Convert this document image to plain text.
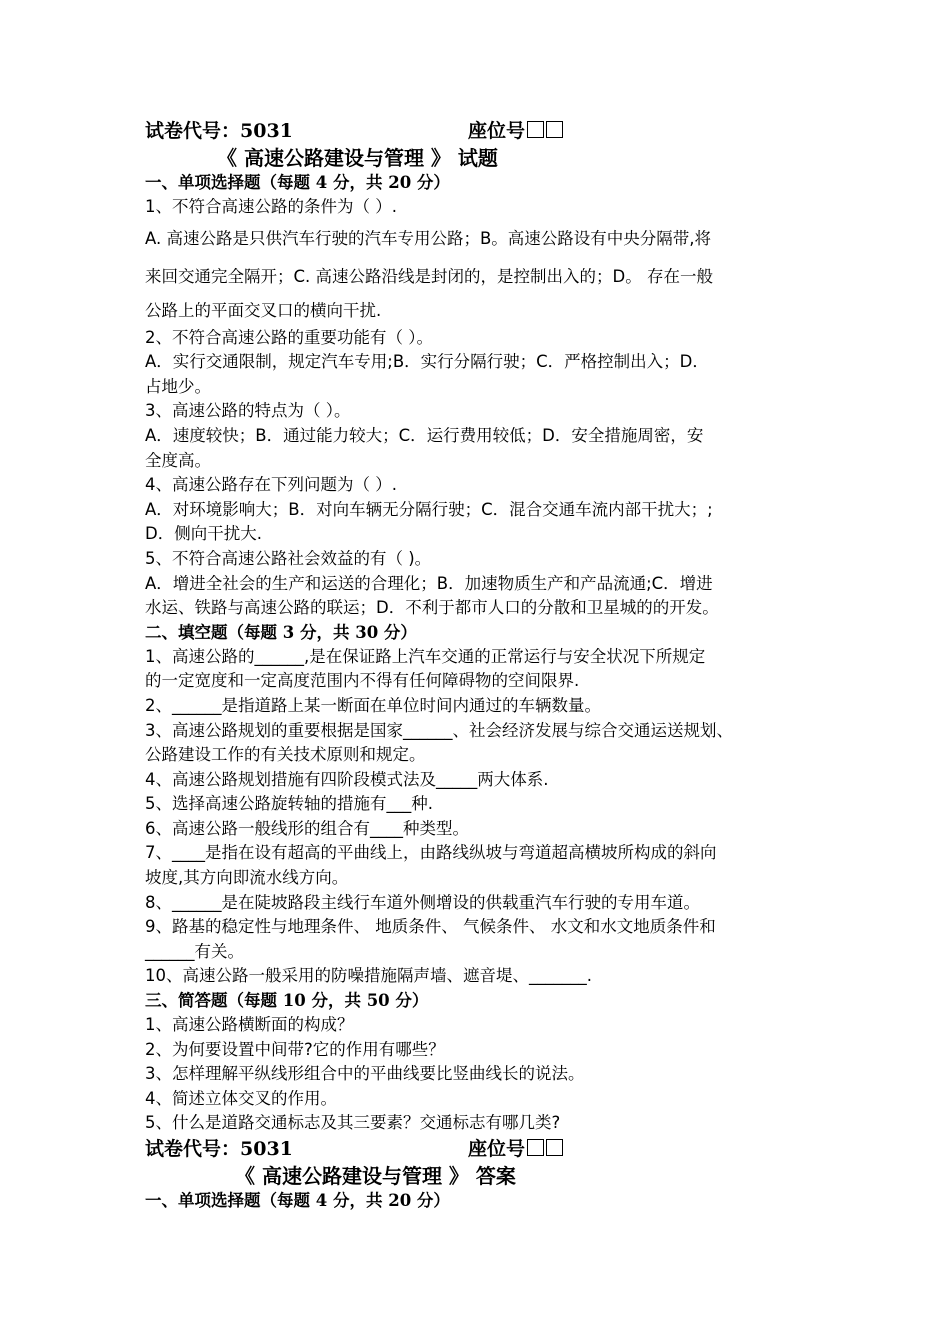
试卷代号：5031	座位号
《 高速公路建设与管理 》 试题
一、单项选择题（每题 4 分，共 20 分）
1、不符合高速公路的条件为（ ）.
A. 高速公路是只供汽车行驶的汽车专用公路；B。高速公路设有中央分隔带,将
来回交通完全隔开；C. 高速公路沿线是封闭的，是控制出入的；D。 存在一般
公路上的平面交叉口的横向干扰.
2、不符合高速公路的重要功能有（ ）。
A．实行交通限制，规定汽车专用;B．实行分隔行驶；C．严格控制出入；D．
占地少。
3、高速公路的特点为（ ）。
A．速度较快；B．通过能力较大；C．运行费用较低；D．安全措施周密，安
全度高。
4、高速公路存在下列问题为（ ）.
A．对环境影响大；B．对向车辆无分隔行驶；C．混合交通车流内部干扰大；;
D．侧向干扰大.
5、不符合高速公路社会效益的有（ )。
A．增进全社会的生产和运送的合理化；B．加速物质生产和产品流通;C．增进
水运、铁路与高速公路的联运；D．不利于都市人口的分散和卫星城的的开发。
二、填空题（每题 3 分，共 30 分）
1、高速公路的______,是在保证路上汽车交通的正常运行与安全状况下所规定
的一定宽度和一定高度范围内不得有任何障碍物的空间限界.
2、______是指道路上某一断面在单位时间内通过的车辆数量。
3、高速公路规划的重要根据是国家______、社会经济发展与综合交通运送规划、
公路建设工作的有关技术原则和规定。
4、高速公路规划措施有四阶段模式法及_____两大体系.
5、选择高速公路旋转轴的措施有___种.
6、高速公路一般线形的组合有____种类型。
7、____是指在设有超高的平曲线上，由路线纵坡与弯道超高横坡所构成的斜向
坡度,其方向即流水线方向。
8、______是在陡坡路段主线行车道外侧增设的供载重汽车行驶的专用车道。
9、路基的稳定性与地理条件、 地质条件、 气候条件、 水文和水文地质条件和
______有关。
10、高速公路一般采用的防噪措施隔声墙、遮音堤、_______.
三、简答题（每题 10 分，共 50 分）
1、高速公路横断面的构成？
2、为何要设置中间带?它的作用有哪些？
3、怎样理解平纵线形组合中的平曲线要比竖曲线长的说法。
4、简述立体交叉的作用。
5、什么是道路交通标志及其三要素？交通标志有哪几类?
试卷代号：5031	座位号
《 高速公路建设与管理 》 答案
一、单项选择题（每题 4 分，共 20 分）
